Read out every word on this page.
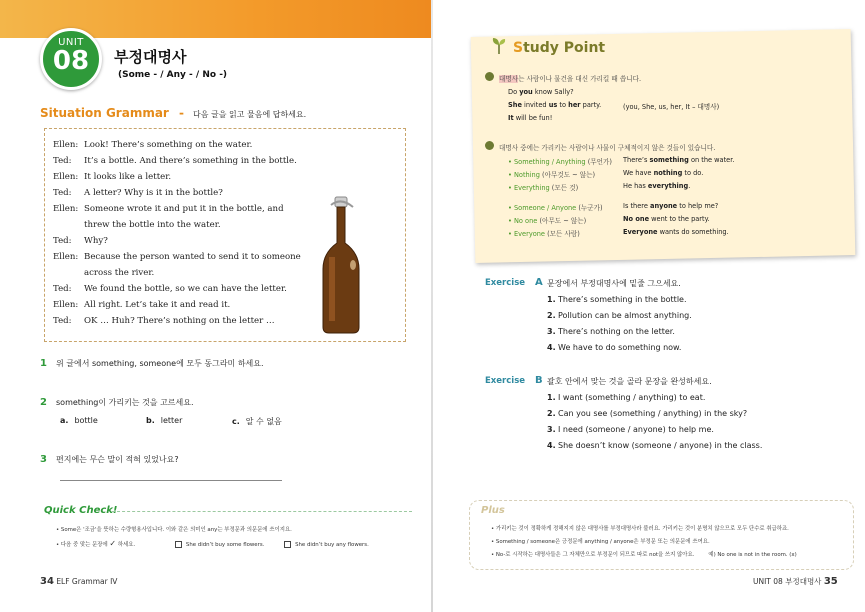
UNIT
08	부정대명사
(Some - / Any - / No -)
Situation Grammar - 다음 글을 읽고 물음에 답하세요.
Ellen: Look! There’s something on the water.
Ted: It’s a bottle. And there’s something in the bottle.
Ellen: It looks like a letter.
Ted: A letter? Why is it in the bottle?
Ellen: Someone wrote it and put it in the bottle, and
threw the bottle into the water.
Ted: Why?
Ellen: Because the person wanted to send it to someone
across the river.
Ted: We found the bottle, so we can have the letter.
Ellen: All right. Let’s take it and read it.
Ted: OK … Huh? There’s nothing on the letter …
1 위 글에서 something, someone에 모두 동그라미 하세요.
2 something이 가리키는 것을 고르세요.
a. bottle	b. letter	c. 알 수 없음
3 편지에는 무슨 말이 적혀 있었나요?
Quick Check!
• Some은 '조금'을 뜻하는 수량형용사입니다. 이와 같은 의미인 any는 부정문과 의문문에 쓰이지요.
• 다음 중 맞는 문장에 ✓ 하세요.	She didn’t buy some flowers.	She didn’t buy any flowers.
34 ELF Grammar IV
Study Point
대명사는 사람이나 물건을 대신 가리킬 때 씁니다.
Do you know Sally?
She invited us to her party.
It will be fun!
(you, She, us, her, It – 대명사)
대명사 중에는 가리키는 사람이나 사물이 구체적이지 않은 것들이 있습니다.
• Something / Anything (무언가) There’s something on the water.
• Nothing (아무것도 ~ 않는)	We have nothing to do.
• Everything (모든 것)	He has everything.
• Someone / Anyone (누군가)	Is there anyone to help me?
• No one (아무도 ~ 않는)	No one went to the party.
• Everyone (모든 사람)	Everyone wants do something.
Exercise A 문장에서 부정대명사에 밑줄 그으세요.
1. There’s something in the bottle.
2. Pollution can be almost anything.
3. There’s nothing on the letter.
4. We have to do something now.
Exercise B 괄호 안에서 맞는 것을 골라 문장을 완성하세요.
1. I want (something / anything) to eat.
2. Can you see (something / anything) in the sky?
3. I need (someone / anyone) to help me.
4. She doesn’t know (someone / anyone) in the class.
Plus
• 가리키는 것이 정확하게 정해지지 않은 대명사를 부정대명사라 불러요. 가리키는 것이 분명치 않으므로 모두 단수로 취급하죠.
• Something / someone은 긍정문에 anything / anyone은 부정문 또는 의문문에 쓰여요.
• No-로 시작하는 대명사들은 그 자체만으로 부정문이 되므로 따로 not을 쓰지 않아요.	예) No one is not in the room. (x)
UNIT 08 부정대명사 35
